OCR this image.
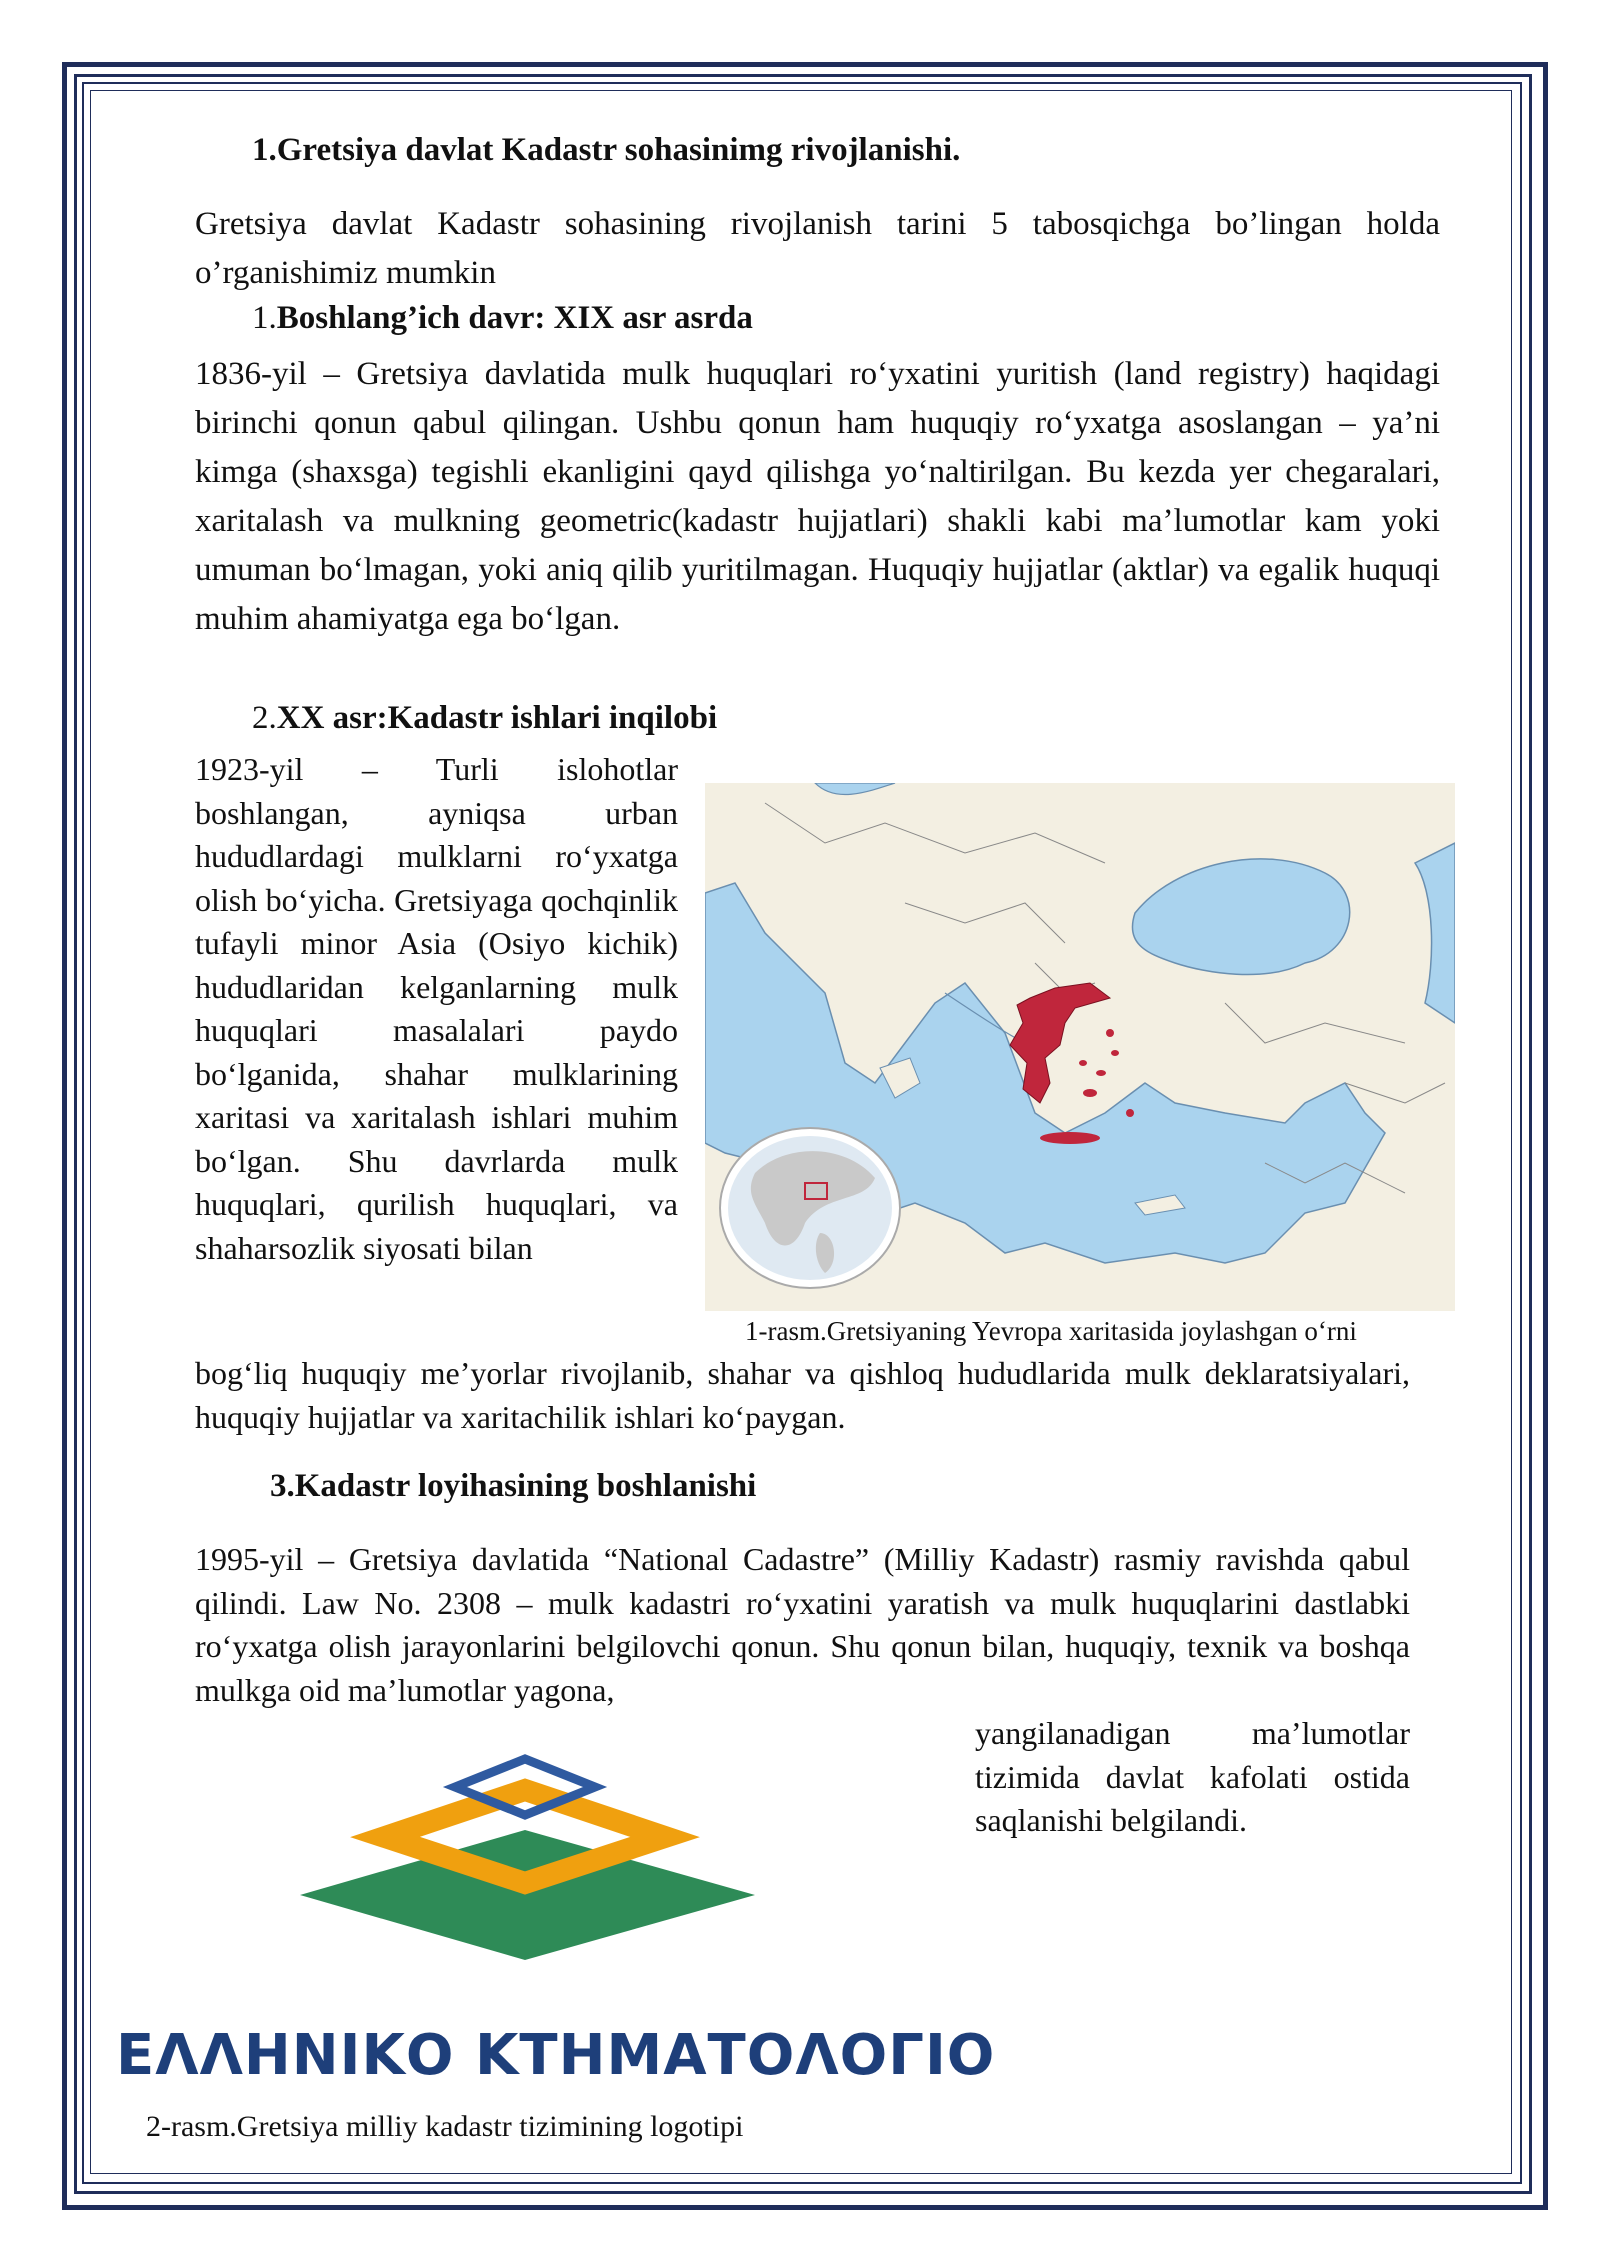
1.Gretsiya davlat Kadastr sohasinimg rivojlanishi.

Gretsiya davlat Kadastr sohasining rivojlanish tarini 5 tabosqichga bo’lingan holda o’rganishimiz mumkin

1.Boshlang’ich davr: XIX asr asrda

1836-yil – Gretsiya davlatida mulk huquqlari ro‘yxatini yuritish (land registry) haqidagi birinchi qonun qabul qilingan. Ushbu qonun ham huquqiy ro‘yxatga asoslangan – ya’ni kimga (shaxsga) tegishli ekanligini qayd qilishga yo‘naltirilgan. Bu kezda yer chegaralari, xaritalash va mulkning geometric(kadastr hujjatlari) shakli kabi ma’lumotlar kam yoki umuman bo‘lmagan, yoki aniq qilib yuritilmagan. Huquqiy hujjatlar (aktlar) va egalik huquqi muhim ahamiyatga ega bo‘lgan.

2.XX asr:Kadastr ishlari inqilobi

1923-yil – Turli islohotlar boshlangan, ayniqsa urban hududlardagi mulklarni ro‘yxatga olish bo‘yicha. Gretsiyaga qochqinlik tufayli minor Asia (Osiyo kichik) hududlaridan kelganlarning mulk huquqlari masalalari paydo bo‘lganida, shahar mulklarining xaritasi va xaritalash ishlari muhim bo‘lgan. Shu davrlarda mulk huquqlari, qurilish huquqlari, va shaharsozlik siyosati bilan

1-rasm.Gretsiyaning Yevropa xaritasida joylashgan o‘rni

bog‘liq huquqiy me’yorlar rivojlanib, shahar va qishloq hududlarida mulk deklaratsiyalari, huquqiy hujjatlar va xaritachilik ishlari ko‘paygan.

3.Kadastr loyihasining boshlanishi

1995-yil – Gretsiya davlatida “National Cadastre” (Milliy Kadastr) rasmiy ravishda qabul qilindi. Law No. 2308 – mulk kadastri ro‘yxatini yaratish va mulk huquqlarini dastlabki ro‘yxatga olish jarayonlarini belgilovchi qonun. Shu qonun bilan, huquqiy, texnik va boshqa mulkga oid ma’lumotlar yagona,

yangilanadigan ma’lumotlar tizimida davlat kafolati ostida saqlanishi belgilandi.

ΕΛΛΗΝΙΚΟ ΚΤΗΜΑΤΟΛΟΓΙΟ

2-rasm.Gretsiya milliy kadastr tizimining logotipi
